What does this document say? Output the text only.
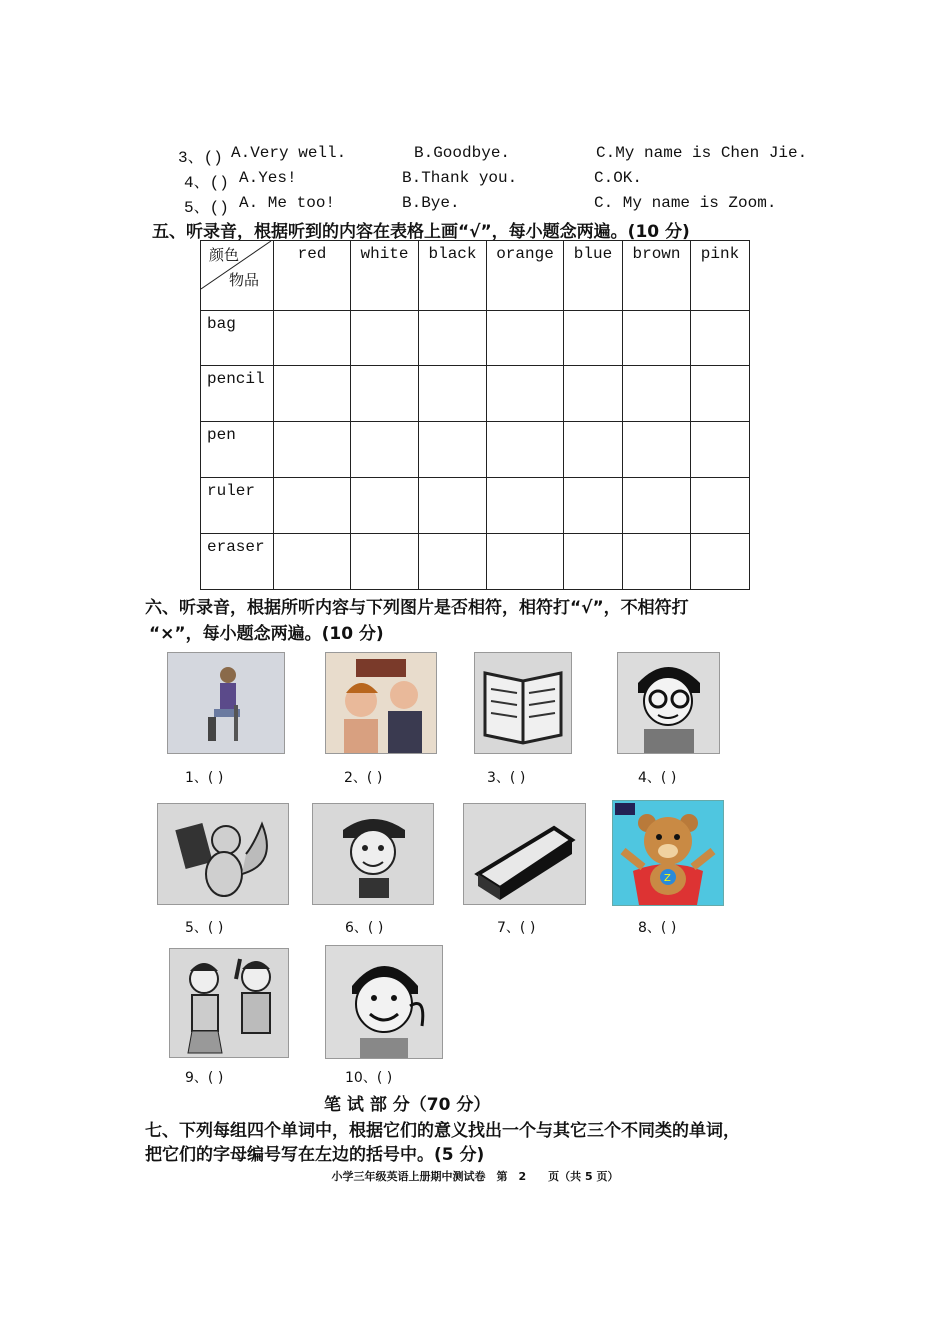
3、() A.Very well.	B.Goodbye.	C.My name is Chen Jie.
4、() A.Yes!	B.Thank you.	C.OK.
5、() A. Me too!	B.Bye.	C. My name is Zoom.
五、听录音，根据听到的内容在表格上画“√”，每小题念两遍。(10 分)
颜色
物品	red	white	black	orange	blue	brown	pink
bag							
pencil							
pen							
ruler							
eraser							
六、听录音，根据所听内容与下列图片是否相符，相符打“√”，不相符打
“×”，每小题念两遍。(10 分)
1、( )	2、( )	3、( )	4、( )
Z
5、( )	6、( )	7、( )	8、( )
9、( )	10、( )
笔 试 部 分（70 分）
七、下列每组四个单词中，根据它们的意义找出一个与其它三个不同类的单词，
把它们的字母编号写在左边的括号中。(5 分)
小学三年级英语上册期中测试卷　第　2　　页（共 5 页）
